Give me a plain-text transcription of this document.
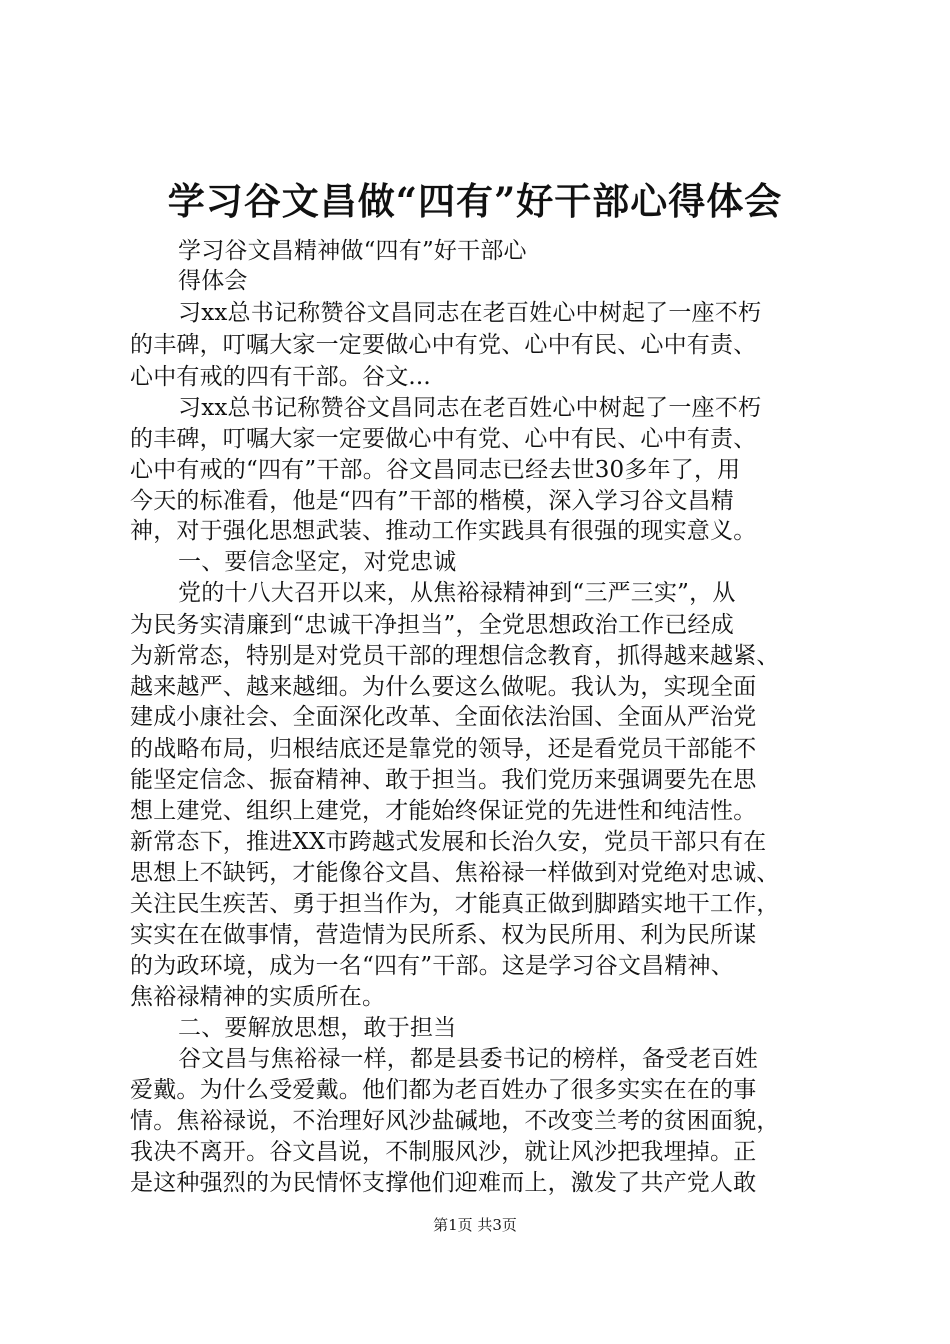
学习谷文昌做“四有”好干部心得体会
学习谷文昌精神做“四有”好干部心
得体会
习xx总书记称赞谷文昌同志在老百姓心中树起了一座不朽
的丰碑，叮嘱大家一定要做心中有党、心中有民、心中有责、
心中有戒的四有干部。谷文...
习xx总书记称赞谷文昌同志在老百姓心中树起了一座不朽
的丰碑，叮嘱大家一定要做心中有党、心中有民、心中有责、
心中有戒的“四有”干部。谷文昌同志已经去世30多年了，用
今天的标准看，他是“四有”干部的楷模，深入学习谷文昌精
神，对于强化思想武装、推动工作实践具有很强的现实意义。
一、要信念坚定，对党忠诚
党的十八大召开以来，从焦裕禄精神到“三严三实”，从
为民务实清廉到“忠诚干净担当”，全党思想政治工作已经成
为新常态，特别是对党员干部的理想信念教育，抓得越来越紧、
越来越严、越来越细。为什么要这么做呢。我认为，实现全面
建成小康社会、全面深化改革、全面依法治国、全面从严治党
的战略布局，归根结底还是靠党的领导，还是看党员干部能不
能坚定信念、振奋精神、敢于担当。我们党历来强调要先在思
想上建党、组织上建党，才能始终保证党的先进性和纯洁性。
新常态下，推进XX市跨越式发展和长治久安，党员干部只有在
思想上不缺钙，才能像谷文昌、焦裕禄一样做到对党绝对忠诚、
关注民生疾苦、勇于担当作为，才能真正做到脚踏实地干工作，
实实在在做事情，营造情为民所系、权为民所用、利为民所谋
的为政环境，成为一名“四有”干部。这是学习谷文昌精神、
焦裕禄精神的实质所在。
二、要解放思想，敢于担当
谷文昌与焦裕禄一样，都是县委书记的榜样，备受老百姓
爱戴。为什么受爱戴。他们都为老百姓办了很多实实在在的事
情。焦裕禄说，不治理好风沙盐碱地，不改变兰考的贫困面貌，
我决不离开。谷文昌说，不制服风沙，就让风沙把我埋掉。正
是这种强烈的为民情怀支撑他们迎难而上，激发了共产党人敢
第1页 共3页
